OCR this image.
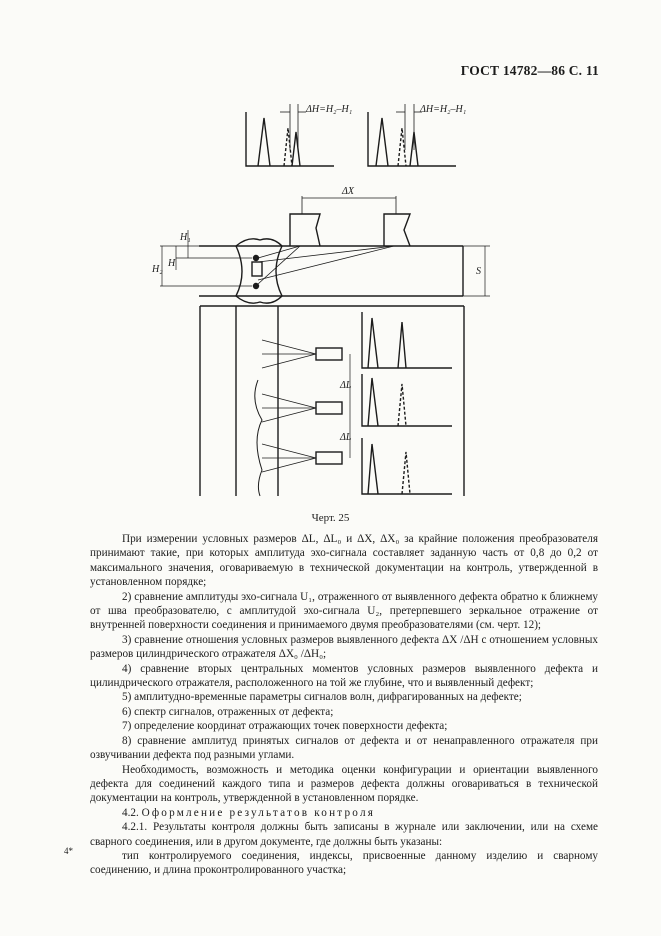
ГОСТ 14782—86 С. 11
ΔH=H₂–H₁	ΔH=H₂–H₁
ΔX
H₁
H
H₂	S
ΔL
ΔL
Черт. 25

При измерении условных размеров ΔL, ΔL₀ и ΔX, ΔX₀ за крайние положения преобразователя принимают такие, при которых амплитуда эхо-сигнала составляет заданную часть от 0,8 до 0,2 от максимального значения, оговариваемую в технической документации на контроль, утвержденной в установленном порядке;

2) сравнение амплитуды эхо-сигнала U₁, отраженного от выявленного дефекта обратно к ближнему от шва преобразователю, с амплитудой эхо-сигнала U₂, претерпевшего зеркальное отражение от внутренней поверхности соединения и принимаемого двумя преобразователями (см. черт. 12);

3) сравнение отношения условных размеров выявленного дефекта ΔX /ΔH с отношением условных размеров цилиндрического отражателя ΔX₀ /ΔH₀;

4) сравнение вторых центральных моментов условных размеров выявленного дефекта и цилиндрического отражателя, расположенного на той же глубине, что и выявленный дефект;

5) амплитудно-временные параметры сигналов волн, дифрагированных на дефекте;

6) спектр сигналов, отраженных от дефекта;

7) определение координат отражающих точек поверхности дефекта;

8) сравнение амплитуд принятых сигналов от дефекта и от ненаправленного отражателя при озвучивании дефекта под разными углами.

Необходимость, возможность и методика оценки конфигурации и ориентации выявленного дефекта для соединений каждого типа и размеров дефекта должны оговариваться в технической документации на контроль, утвержденной в установленном порядке.

4.2. Оформление результатов контроля

4.2.1. Результаты контроля должны быть записаны в журнале или заключении, или на схеме сварного соединения, или в другом документе, где должны быть указаны:

тип контролируемого соединения, индексы, присвоенные данному изделию и сварному соединению, и длина проконтролированного участка;

4*
